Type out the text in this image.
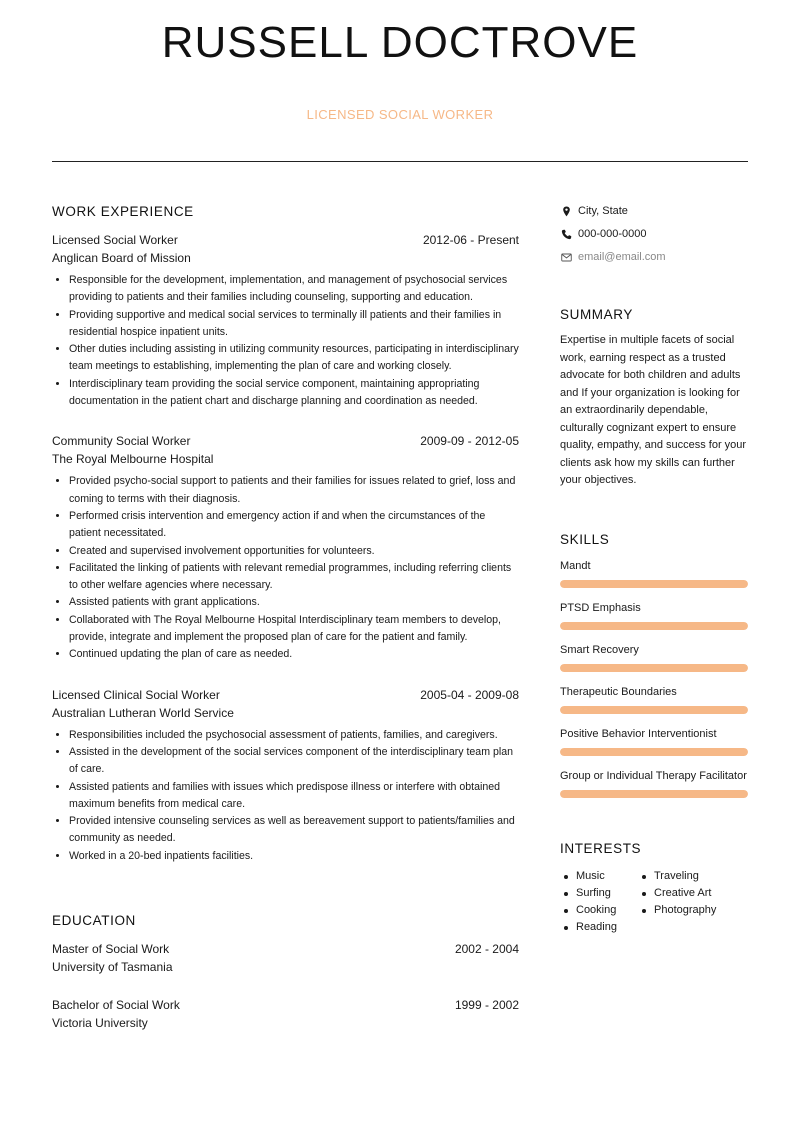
RUSSELL DOCTROVE
LICENSED SOCIAL WORKER
WORK EXPERIENCE
Licensed Social Worker	2012-06 - Present
Anglican Board of Mission
• Responsible for the development, implementation, and management of psychosocial services providing to patients and their families including counseling, supporting and education.
• Providing supportive and medical social services to terminally ill patients and their families in residential hospice inpatient units.
• Other duties including assisting in utilizing community resources, participating in interdisciplinary team meetings to establishing, implementing the plan of care and working closely.
• Interdisciplinary team providing the social service component, maintaining appropriating documentation in the patient chart and discharge planning and coordination as needed.
Community Social Worker	2009-09 - 2012-05
The Royal Melbourne Hospital
• Provided psycho-social support to patients and their families for issues related to grief, loss and coming to terms with their diagnosis.
• Performed crisis intervention and emergency action if and when the circumstances of the patient necessitated.
• Created and supervised involvement opportunities for volunteers.
• Facilitated the linking of patients with relevant remedial programmes, including referring clients to other welfare agencies where necessary.
• Assisted patients with grant applications.
• Collaborated with The Royal Melbourne Hospital Interdisciplinary team members to develop, provide, integrate and implement the proposed plan of care for the patient and family.
• Continued updating the plan of care as needed.
Licensed Clinical Social Worker	2005-04 - 2009-08
Australian Lutheran World Service
• Responsibilities included the psychosocial assessment of patients, families, and caregivers.
• Assisted in the development of the social services component of the interdisciplinary team plan of care.
• Assisted patients and families with issues which predispose illness or interfere with obtained maximum benefits from medical care.
• Provided intensive counseling services as well as bereavement support to patients/families and community as needed.
• Worked in a 20-bed inpatients facilities.
EDUCATION
Master of Social Work	2002 - 2004
University of Tasmania
Bachelor of Social Work	1999 - 2002
Victoria University
City, State
000-000-0000
email@email.com
SUMMARY
Expertise in multiple facets of social work, earning respect as a trusted advocate for both children and adults and If your organization is looking for an extraordinarily dependable, culturally cognizant expert to ensure quality, empathy, and success for your clients ask how my skills can further your objectives.
SKILLS
Mandt
PTSD Emphasis
Smart Recovery
Therapeutic Boundaries
Positive Behavior Interventionist
Group or Individual Therapy Facilitator
INTERESTS
Music
Surfing
Cooking
Reading
Traveling
Creative Art
Photography
